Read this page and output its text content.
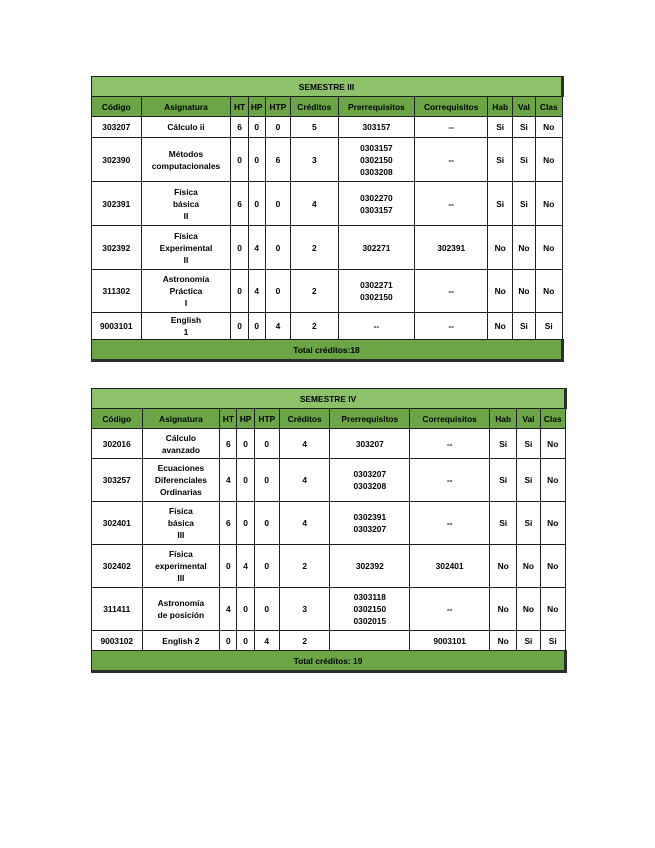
SEMESTRE III										
Código	Asignatura	HT	HP	HTP	Créditos	Prerrequisitos	Correquisitos	Hab	Val	Clas
303207	Cálculo ii	6	0	0	5	303157	--	Si	Si	No
302390	Métodos
computacionales	0	0	6	3	0303157
0302150
0303208	--	Si	Si	No
302391	Física
básica
II	6	0	0	4	0302270
0303157	--	Si	Si	No
302392	Física
Experimental
II	0	4	0	2	302271	302391	No	No	No
311302	Astronomía
Práctica
I	0	4	0	2	0302271
0302150	--	No	No	No
9003101	English
1	0	0	4	2	--	--	No	Si	Si
Total créditos:18										
SEMESTRE IV										
Código	Asignatura	HT	HP	HTP	Créditos	Prerrequisitos	Correquisitos	Hab	Val	Clas
302016	Cálculo
avanzado	6	0	0	4	303207	--	Si	Si	No
303257	Ecuaciones
Diferenciales
Ordinarias	4	0	0	4	0303207
0303208	--	Si	Si	No
302401	Física
básica
III	6	0	0	4	0302391
0303207	--	Si	Si	No
302402	Física
experimental
III	0	4	0	2	302392	302401	No	No	No
311411	Astronomía
de posición	4	0	0	3	0303118
0302150
0302015	--	No	No	No
9003102	English 2	0	0	4	2		9003101	No	Si	Si
Total créditos: 19										
